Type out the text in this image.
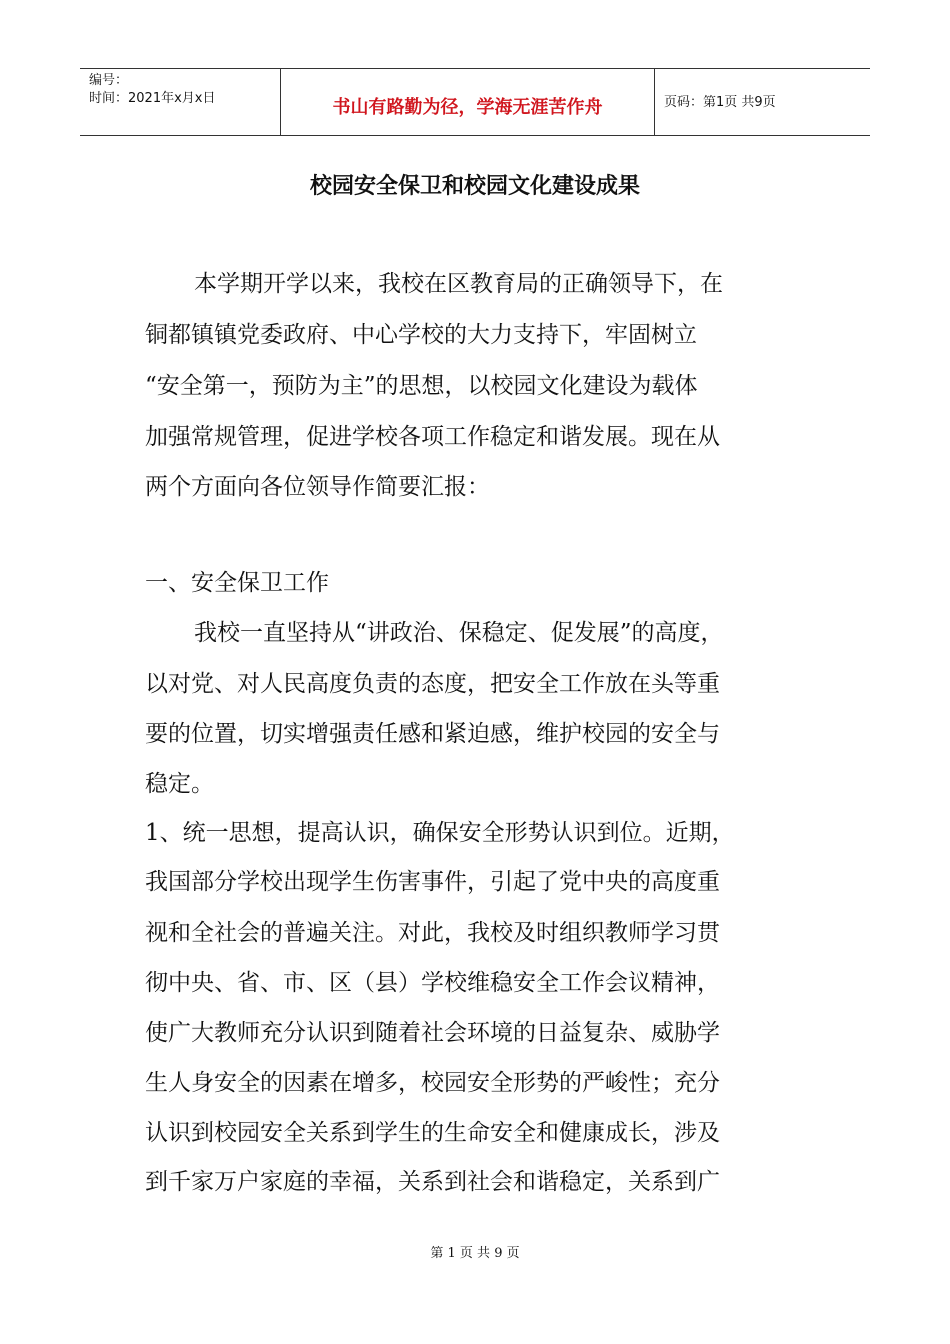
编号：
时间：2021年x月x日	书山有路勤为径，学海无涯苦作舟	页码：第1页 共9页
校园安全保卫和校园文化建设成果
本学期开学以来，我校在区教育局的正确领导下，在
铜都镇镇党委政府、中心学校的大力支持下，牢固树立
“安全第一，预防为主”的思想，以校园文化建设为载体
加强常规管理，促进学校各项工作稳定和谐发展。现在从
两个方面向各位领导作简要汇报：
一、安全保卫工作
我校一直坚持从“讲政治、保稳定、促发展”的高度，
以对党、对人民高度负责的态度，把安全工作放在头等重
要的位置，切实增强责任感和紧迫感，维护校园的安全与
稳定。
1、统一思想，提高认识，确保安全形势认识到位。近期，
我国部分学校出现学生伤害事件，引起了党中央的高度重
视和全社会的普遍关注。对此，我校及时组织教师学习贯
彻中央、省、市、区（县）学校维稳安全工作会议精神，
使广大教师充分认识到随着社会环境的日益复杂、威胁学
生人身安全的因素在增多，校园安全形势的严峻性；充分
认识到校园安全关系到学生的生命安全和健康成长，涉及
到千家万户家庭的幸福，关系到社会和谐稳定，关系到广
第 1 页 共 9 页
